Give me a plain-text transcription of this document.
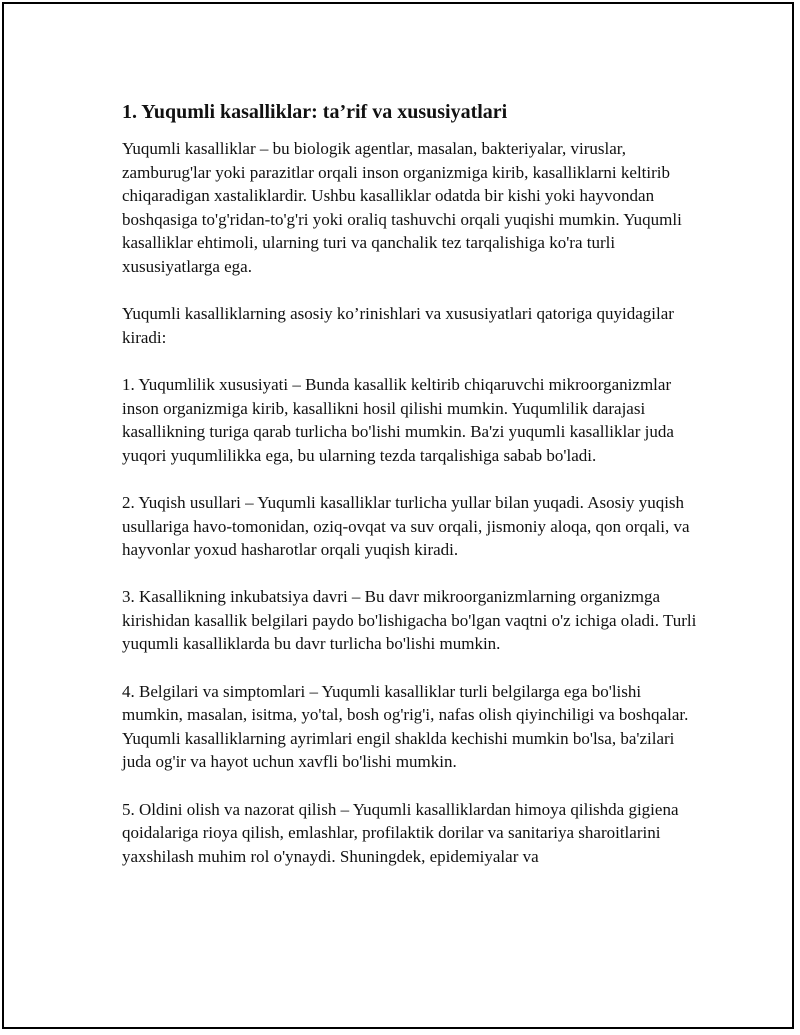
1. Yuqumli kasalliklar: ta’rif va xususiyatlari

Yuqumli kasalliklar – bu biologik agentlar, masalan, bakteriyalar, viruslar, zamburug'lar yoki parazitlar orqali inson organizmiga kirib, kasalliklarni keltirib chiqaradigan xastaliklardir. Ushbu kasalliklar odatda bir kishi yoki hayvondan boshqasiga to'g'ridan-to'g'ri yoki oraliq tashuvchi orqali yuqishi mumkin. Yuqumli kasalliklar ehtimoli, ularning turi va qanchalik tez tarqalishiga ko'ra turli xususiyatlarga ega.

Yuqumli kasalliklarning asosiy ko’rinishlari va xususiyatlari qatoriga quyidagilar kiradi:

1. Yuqumlilik xususiyati – Bunda kasallik keltirib chiqaruvchi mikroorganizmlar inson organizmiga kirib, kasallikni hosil qilishi mumkin. Yuqumlilik darajasi kasallikning turiga qarab turlicha bo'lishi mumkin. Ba'zi yuqumli kasalliklar juda yuqori yuqumlilikka ega, bu ularning tezda tarqalishiga sabab bo'ladi.

2. Yuqish usullari – Yuqumli kasalliklar turlicha yullar bilan yuqadi. Asosiy yuqish usullariga havo-tomonidan, oziq-ovqat va suv orqali, jismoniy aloqa, qon orqali, va hayvonlar yoxud hasharotlar orqali yuqish kiradi.

3. Kasallikning inkubatsiya davri – Bu davr mikroorganizmlarning organizmga kirishidan kasallik belgilari paydo bo'lishigacha bo'lgan vaqtni o'z ichiga oladi. Turli yuqumli kasalliklarda bu davr turlicha bo'lishi mumkin.

4. Belgilari va simptomlari – Yuqumli kasalliklar turli belgilarga ega bo'lishi mumkin, masalan, isitma, yo'tal, bosh og'rig'i, nafas olish qiyinchiligi va boshqalar. Yuqumli kasalliklarning ayrimlari engil shaklda kechishi mumkin bo'lsa, ba'zilari juda og'ir va hayot uchun xavfli bo'lishi mumkin.

5. Oldini olish va nazorat qilish – Yuqumli kasalliklardan himoya qilishda gigiena qoidalariga rioya qilish, emlashlar, profilaktik dorilar va sanitariya sharoitlarini yaxshilash muhim rol o'ynaydi. Shuningdek, epidemiyalar va
